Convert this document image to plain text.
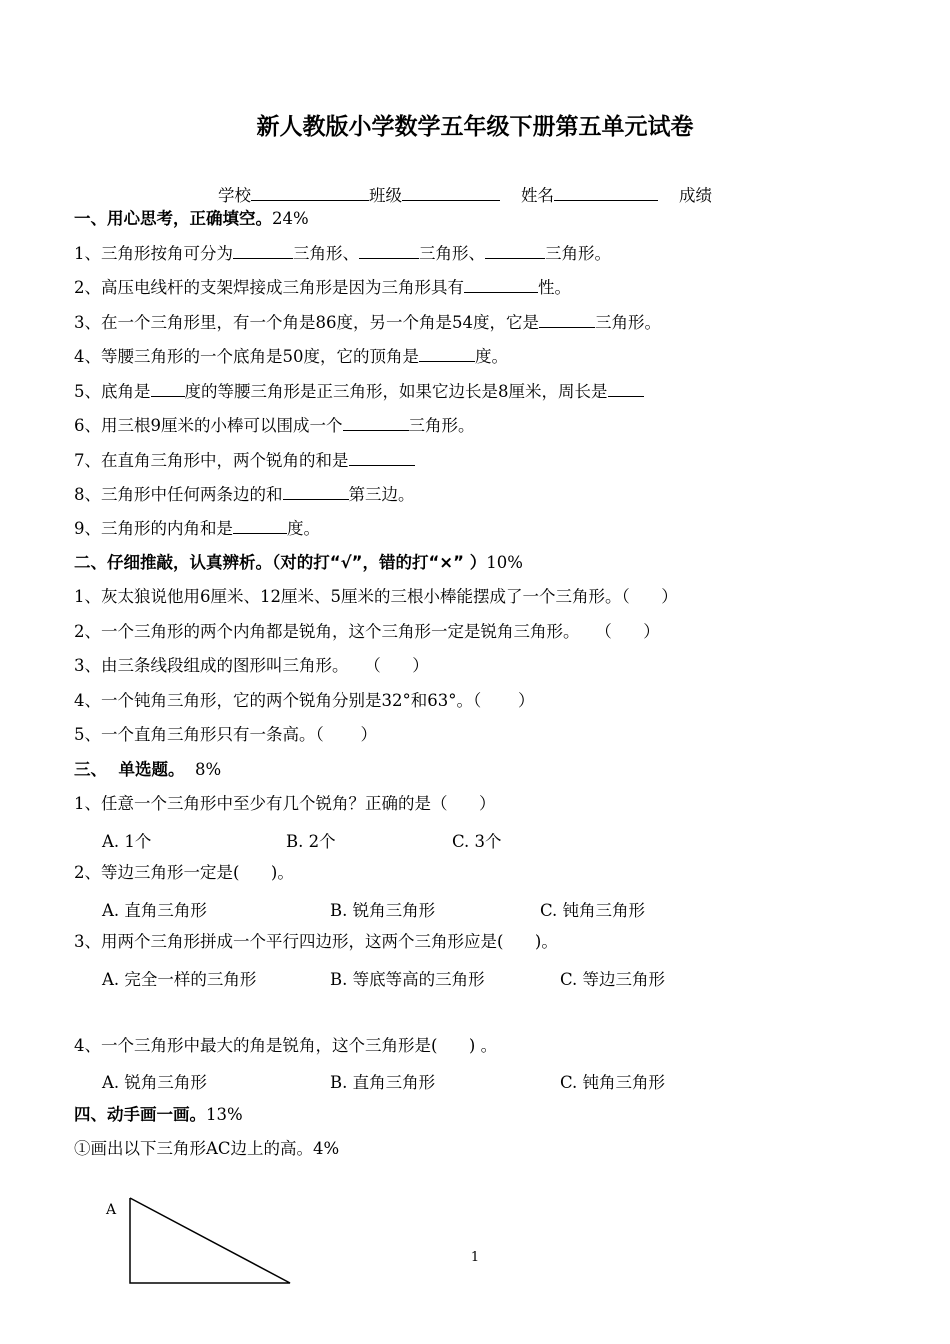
新人教版小学数学五年级下册第五单元试卷
学校	班级	姓名	成绩
一、用心思考，正确填空。24%
1、三角形按角可分为	三角形、	三角形、	三角形。
2、高压电线杆的支架焊接成三角形是因为三角形具有	性。
3、在一个三角形里，有一个角是86度，另一个角是54度，它是	三角形。
4、等腰三角形的一个底角是50度，它的顶角是	度。
5、底角是 度的等腰三角形是正三角形，如果它边长是8厘米，周长是
6、用三根9厘米的小棒可以围成一个	三角形。
7、在直角三角形中，两个锐角的和是
8、三角形中任何两条边的和	第三边。
9、三角形的内角和是	度。
二、仔细推敲，认真辨析。（对的打“√”，错的打“×” ）10%
1、灰太狼说他用6厘米、12厘米、5厘米的三根小棒能摆成了一个三角形。（      ）
2、一个三角形的两个内角都是锐角，这个三角形一定是锐角三角形。   （      ）
3、由三条线段组成的图形叫三角形。   （      ）
4、一个钝角三角形，它的两个锐角分别是32°和63°。（       ）
5、一个直角三角形只有一条高。（       ）
三、  单选题。 8%
1、任意一个三角形中至少有几个锐角？正确的是（      ）
A. 1个	B. 2个	C. 3个
2、等边三角形一定是(      )。
A. 直角三角形	B. 锐角三角形	C. 钝角三角形
3、用两个三角形拼成一个平行四边形，这两个三角形应是(      )。
A. 完全一样的三角形	B. 等底等高的三角形	C. 等边三角形
4、一个三角形中最大的角是锐角，这个三角形是(      ) 。
A. 锐角三角形	B. 直角三角形	C. 钝角三角形
四、动手画一画。13%
①画出以下三角形AC边上的高。4%
A
1
